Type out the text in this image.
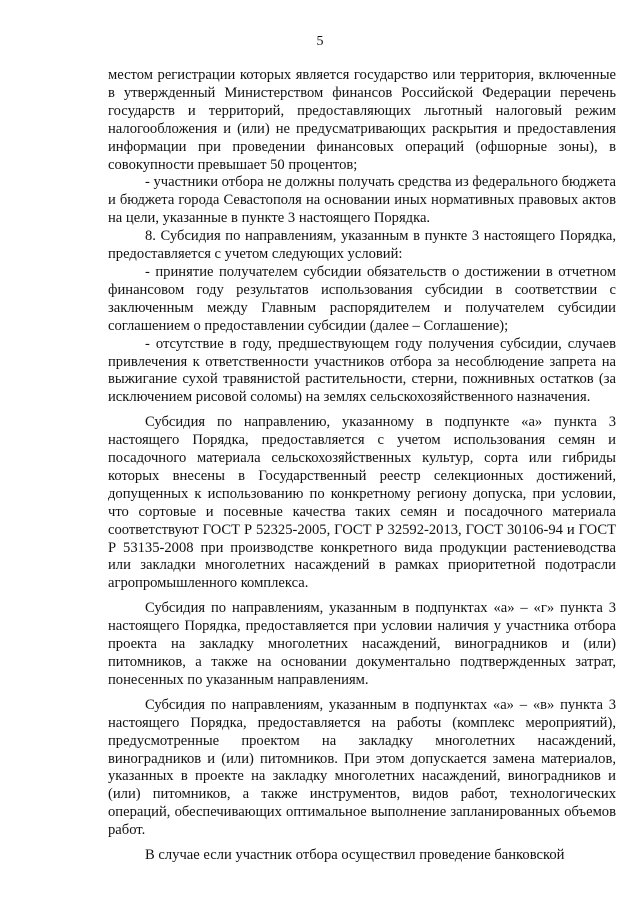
5

местом регистрации которых является государство или территория, включенные в утвержденный Министерством финансов Российской Федерации перечень государств и территорий, предоставляющих льготный налоговый режим налогообложения и (или) не предусматривающих раскрытия и предоставления информации при проведении финансовых операций (офшорные зоны), в совокупности превышает 50 процентов;

- участники отбора не должны получать средства из федерального бюджета и бюджета города Севастополя на основании иных нормативных правовых актов на цели, указанные в пункте 3 настоящего Порядка.

8. Субсидия по направлениям, указанным в пункте 3 настоящего Порядка, предоставляется с учетом следующих условий:

- принятие получателем субсидии обязательств о достижении в отчетном финансовом году результатов использования субсидии в соответствии с заключенным между Главным распорядителем и получателем субсидии соглашением о предоставлении субсидии (далее – Соглашение);

- отсутствие в году, предшествующем году получения субсидии, случаев привлечения к ответственности участников отбора за несоблюдение запрета на выжигание сухой травянистой растительности, стерни, пожнивных остатков (за исключением рисовой соломы) на землях сельскохозяйственного назначения.

Субсидия по направлению, указанному в подпункте «а» пункта 3 настоящего Порядка, предоставляется с учетом использования семян и посадочного материала сельскохозяйственных культур, сорта или гибриды которых внесены в Государственный реестр селекционных достижений, допущенных к использованию по конкретному региону допуска, при условии, что сортовые и посевные качества таких семян и посадочного материала соответствуют ГОСТ Р 52325-2005, ГОСТ Р 32592-2013, ГОСТ 30106-94 и ГОСТ Р 53135-2008 при производстве конкретного вида продукции растениеводства или закладки многолетних насаждений в рамках приоритетной подотрасли агропромышленного комплекса.

Субсидия по направлениям, указанным в подпунктах «а» – «г» пункта 3 настоящего Порядка, предоставляется при условии наличия у участника отбора проекта на закладку многолетних насаждений, виноградников и (или) питомников, а также на основании документально подтвержденных затрат, понесенных по указанным направлениям.

Субсидия по направлениям, указанным в подпунктах «а» – «в» пункта 3 настоящего Порядка, предоставляется на работы (комплекс мероприятий), предусмотренные проектом на закладку многолетних насаждений, виноградников и (или) питомников. При этом допускается замена материалов, указанных в проекте на закладку многолетних насаждений, виноградников и (или) питомников, а также инструментов, видов работ, технологических операций, обеспечивающих оптимальное выполнение запланированных объемов работ.

В случае если участник отбора осуществил проведение банковской
